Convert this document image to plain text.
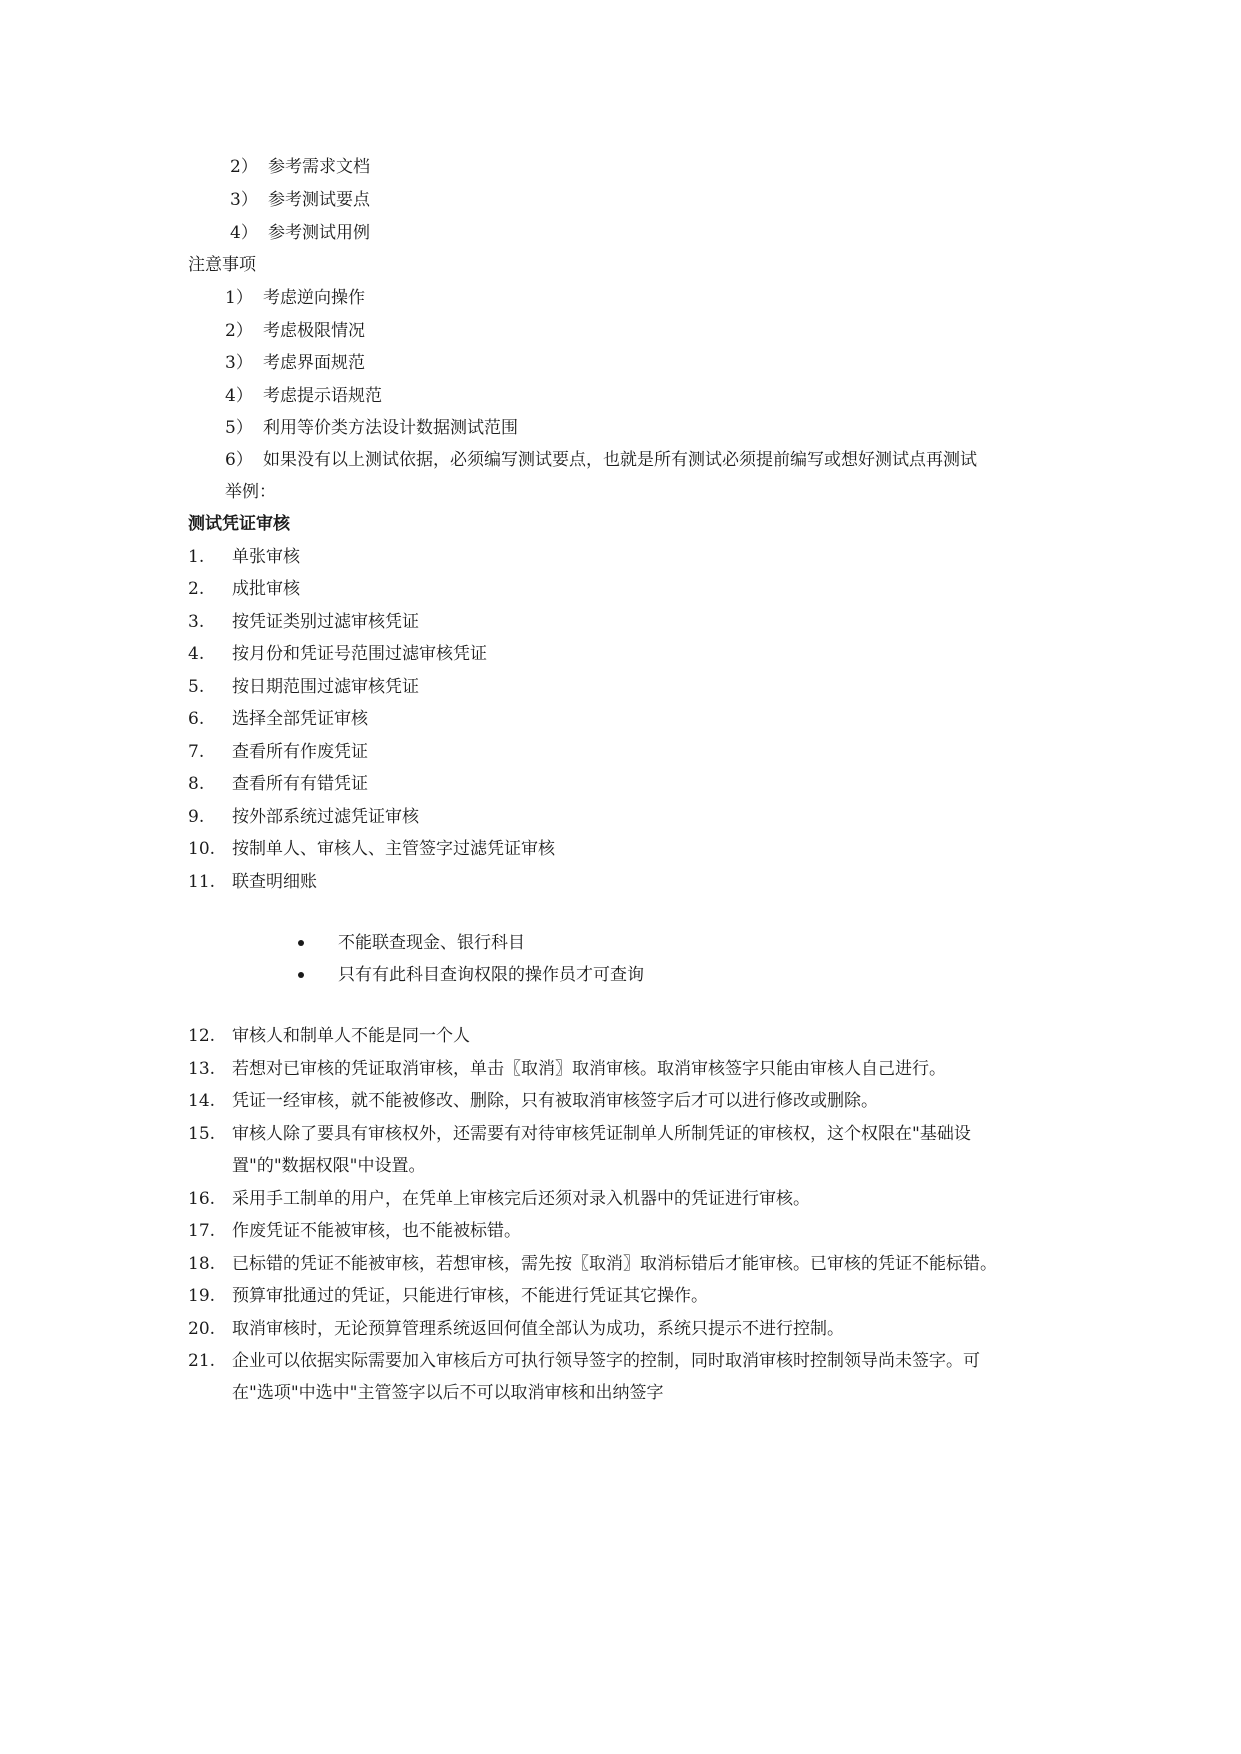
2） 参考需求文档
3） 参考测试要点
4） 参考测试用例
注意事项
1） 考虑逆向操作
2） 考虑极限情况
3） 考虑界面规范
4） 考虑提示语规范
5） 利用等价类方法设计数据测试范围
6） 如果没有以上测试依据，必须编写测试要点，也就是所有测试必须提前编写或想好测试点再测试
举例：
测试凭证审核
1. 单张审核
2. 成批审核
3. 按凭证类别过滤审核凭证
4. 按月份和凭证号范围过滤审核凭证
5. 按日期范围过滤审核凭证
6. 选择全部凭证审核
7. 查看所有作废凭证
8. 查看所有有错凭证
9. 按外部系统过滤凭证审核
10. 按制单人、审核人、主管签字过滤凭证审核
11. 联查明细账
不能联查现金、银行科目
只有有此科目查询权限的操作员才可查询
12. 审核人和制单人不能是同一个人
13. 若想对已审核的凭证取消审核，单击〖取消〗取消审核。取消审核签字只能由审核人自己进行。
14. 凭证一经审核，就不能被修改、删除，只有被取消审核签字后才可以进行修改或删除。
15. 审核人除了要具有审核权外，还需要有对待审核凭证制单人所制凭证的审核权，这个权限在"基础设
置"的"数据权限"中设置。
16. 采用手工制单的用户，在凭单上审核完后还须对录入机器中的凭证进行审核。
17. 作废凭证不能被审核，也不能被标错。
18. 已标错的凭证不能被审核，若想审核，需先按〖取消〗取消标错后才能审核。已审核的凭证不能标错。
19. 预算审批通过的凭证，只能进行审核，不能进行凭证其它操作。
20. 取消审核时，无论预算管理系统返回何值全部认为成功，系统只提示不进行控制。
21. 企业可以依据实际需要加入审核后方可执行领导签字的控制，同时取消审核时控制领导尚未签字。可
在"选项"中选中"主管签字以后不可以取消审核和出纳签字
